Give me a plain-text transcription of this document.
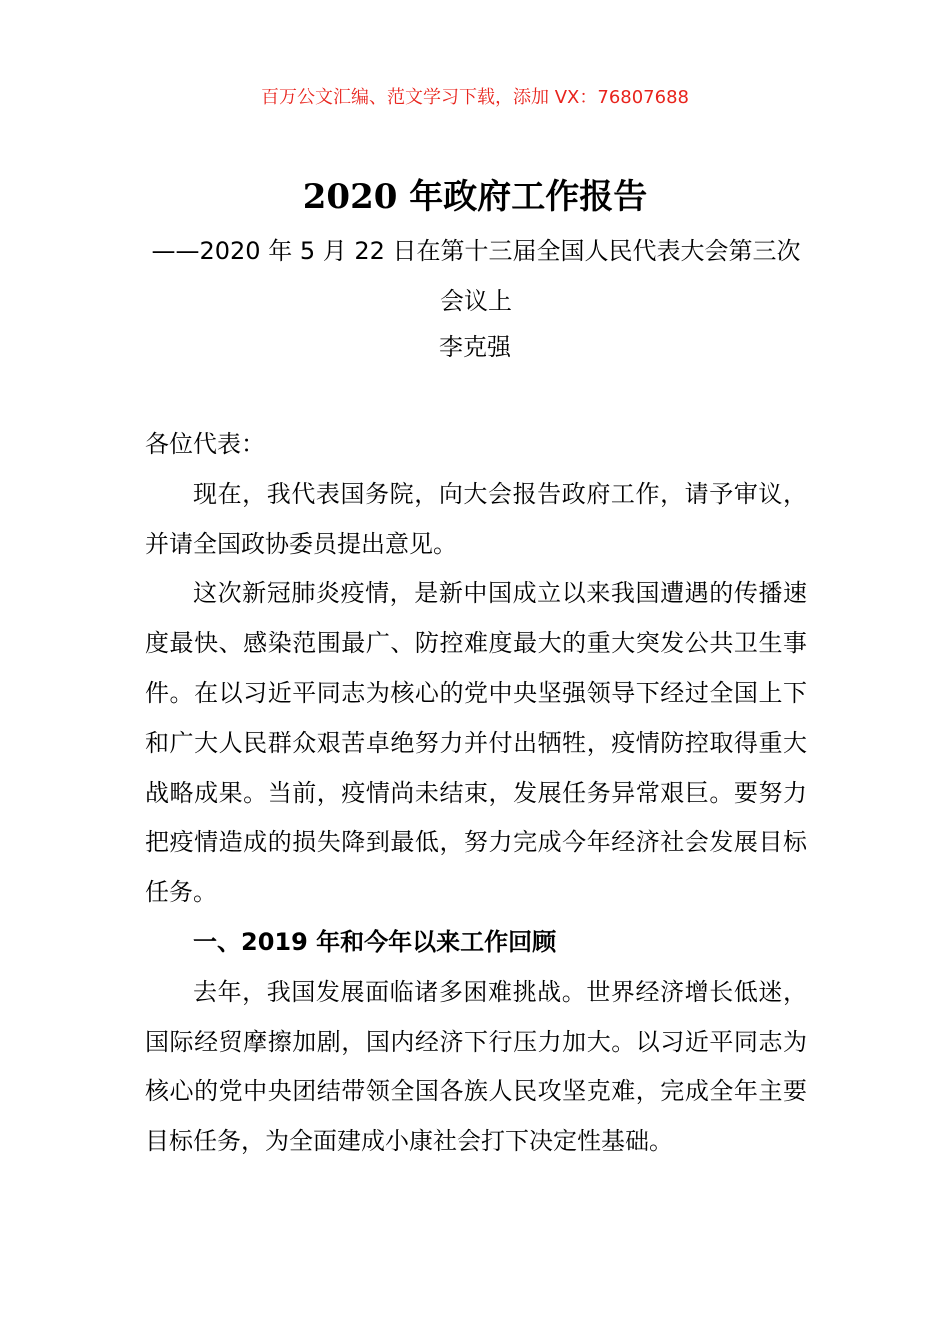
百万公文汇编、范文学习下载，添加 VX：76807688
2020 年政府工作报告
——2020 年 5 月 22 日在第十三届全国人民代表大会第三次会议上
李克强

各位代表：

现在，我代表国务院，向大会报告政府工作，请予审议，并请全国政协委员提出意见。

这次新冠肺炎疫情，是新中国成立以来我国遭遇的传播速度最快、感染范围最广、防控难度最大的重大突发公共卫生事件。在以习近平同志为核心的党中央坚强领导下经过全国上下和广大人民群众艰苦卓绝努力并付出牺牲，疫情防控取得重大战略成果。当前，疫情尚未结束，发展任务异常艰巨。要努力把疫情造成的损失降到最低，努力完成今年经济社会发展目标任务。

一、2019 年和今年以来工作回顾

去年，我国发展面临诸多困难挑战。世界经济增长低迷，国际经贸摩擦加剧，国内经济下行压力加大。以习近平同志为核心的党中央团结带领全国各族人民攻坚克难，完成全年主要目标任务，为全面建成小康社会打下决定性基础。
